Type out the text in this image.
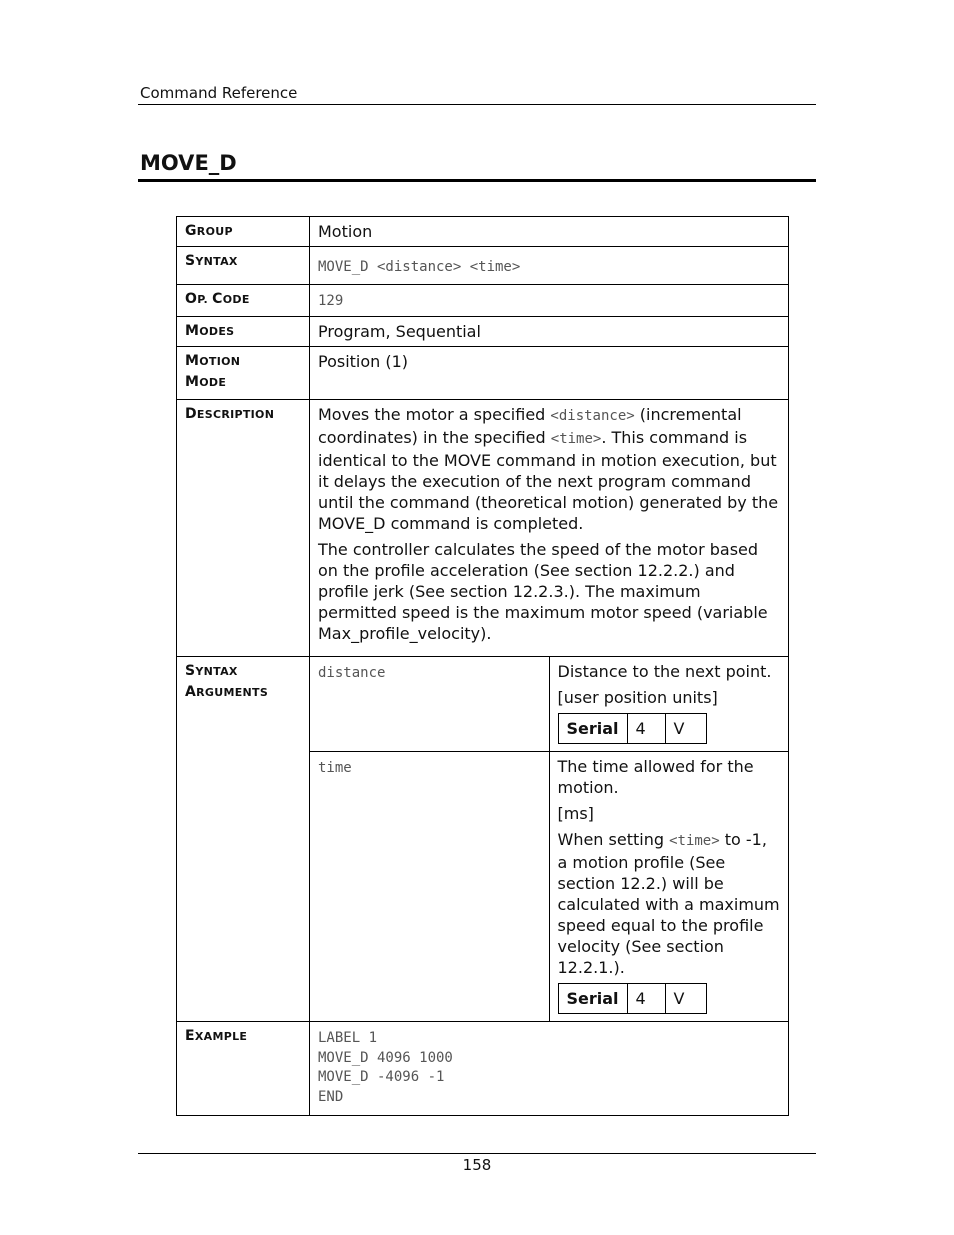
Command Reference
MOVE_D
GROUP	Motion
SYNTAX	MOVE_D <distance> <time>
OP. CODE	129
MODES	Program, Sequential
MOTION
MODE	Position (1)
DESCRIPTION	Moves the motor a specified <distance> (incremental coordinates) in the specified <time>. This command is identical to the MOVE command in motion execution, but it delays the execution of the next program command until the command (theoretical motion) generated by the MOVE_D command is completed.

The controller calculates the speed of the motor based on the profile acceleration (See section 12.2.2.) and profile jerk (See section 12.2.3.). The maximum permitted speed is the maximum motor speed (variable Max_profile_velocity).

SYNTAX
ARGUMENTS	distance	Distance to the next point.

[user position units]

Serial	4	V

time	The time allowed for the motion.

[ms]

When setting <time> to -1, a motion profile (See section 12.2.) will be calculated with a maximum speed equal to the profile velocity (See section 12.2.1.).

Serial	4	V

EXAMPLE	LABEL 1
MOVE_D 4096 1000
MOVE_D -4096 -1
END
158
